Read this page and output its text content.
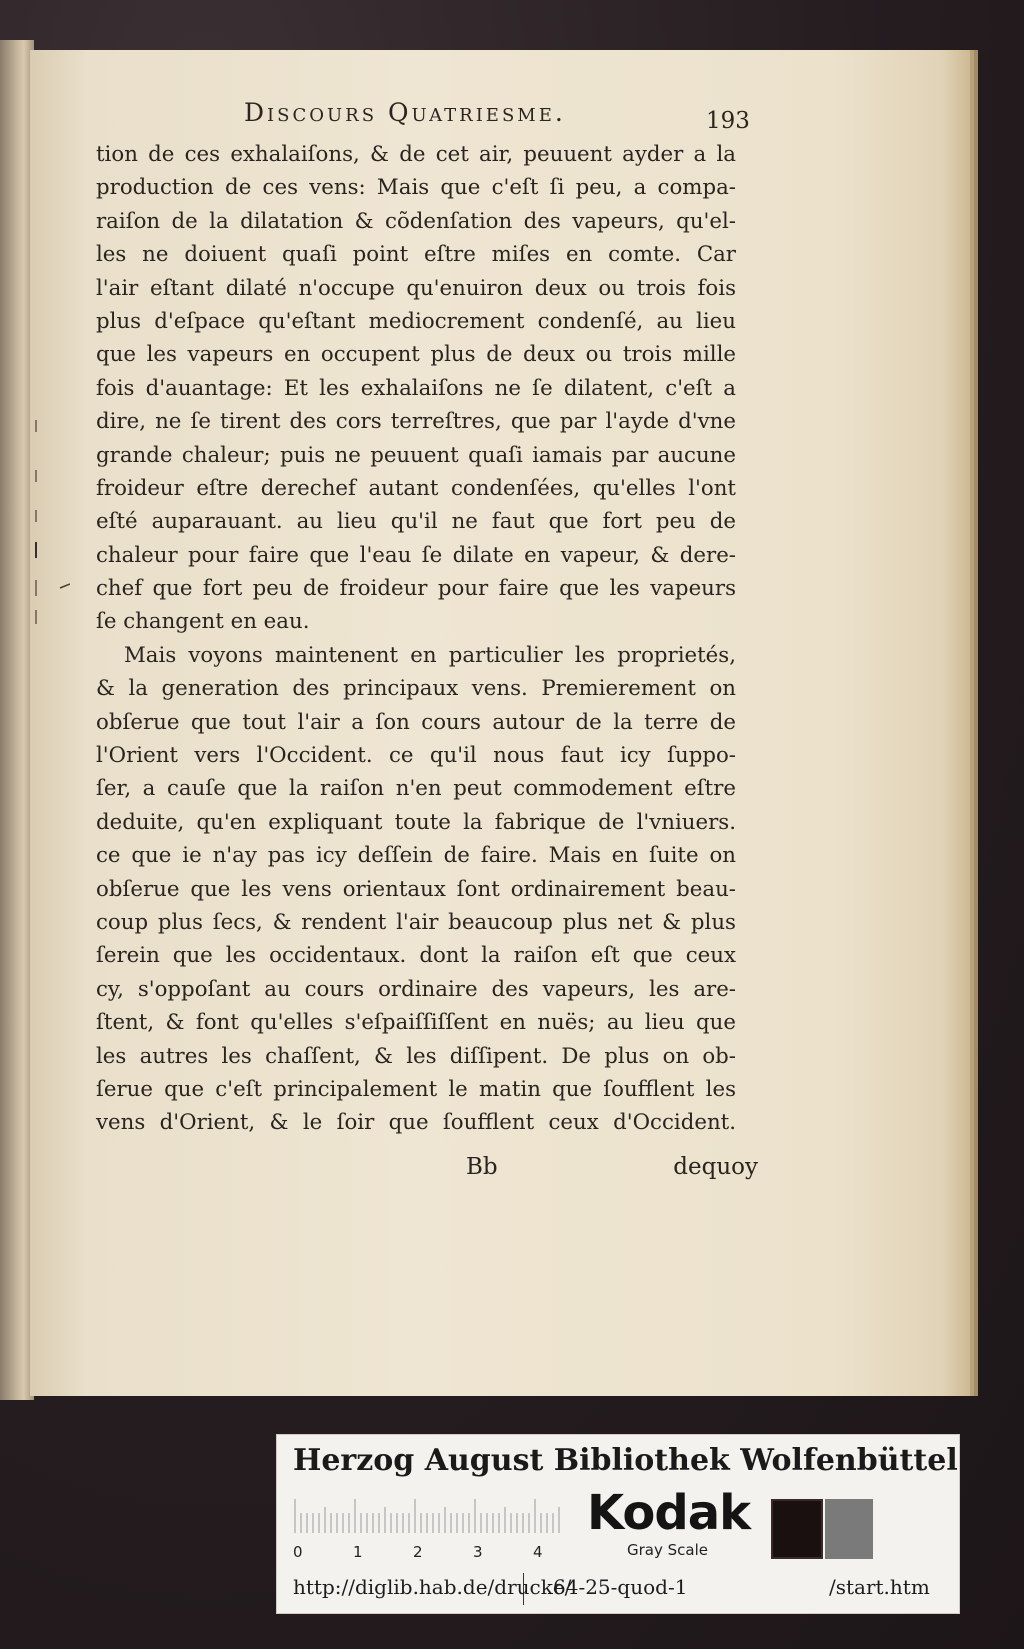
Discours Quatriesme.	193
tion de ces exhalaiſons, & de cet air, peuuent ayder a la
production de ces vens: Mais que c'eſt ſi peu, a compa-
raiſon de la dilatation & cõdenſation des vapeurs, qu'el-
les ne doiuent quaſi point eſtre miſes en comte. Car
l'air eſtant dilaté n'occupe qu'enuiron deux ou trois fois
plus d'eſpace qu'eſtant mediocrement condenſé, au lieu
que les vapeurs en occupent plus de deux ou trois mille
fois d'auantage: Et les exhalaiſons ne ſe dilatent, c'eſt a
dire, ne ſe tirent des cors terreſtres, que par l'ayde d'vne
grande chaleur; puis ne peuuent quaſi iamais par aucune
froideur eſtre derechef autant condenſées, qu'elles l'ont
eſté auparauant. au lieu qu'il ne faut que fort peu de
chaleur pour faire que l'eau ſe dilate en vapeur, & dere-
chef que fort peu de froideur pour faire que les vapeurs
ſe changent en eau.
Mais voyons maintenent en particulier les proprietés,
& la generation des principaux vens. Premierement on
obſerue que tout l'air a ſon cours autour de la terre de
l'Orient vers l'Occident. ce qu'il nous faut icy ſuppo-
ſer, a cauſe que la raiſon n'en peut commodement eſtre
deduite, qu'en expliquant toute la fabrique de l'vniuers.
ce que ie n'ay pas icy deſſein de faire. Mais en ſuite on
obſerue que les vens orientaux ſont ordinairement beau-
coup plus ſecs, & rendent l'air beaucoup plus net & plus
ſerein que les occidentaux. dont la raiſon eſt que ceux
cy, s'oppoſant au cours ordinaire des vapeurs, les are-
ſtent, & font qu'elles s'eſpaiſſiſſent en nuës; au lieu que
les autres les chaſſent, & les diſſipent. De plus on ob-
ſerue que c'eſt principalement le matin que ſoufflent les
vens d'Orient, & le ſoir que ſoufflent ceux d'Occident.
Bb	dequoy
Herzog August Bibliothek Wolfenbüttel
0	1	2	3	4
Kodak
Gray Scale
http://diglib.hab.de/drucke/
64-25-quod-1	/start.htm
